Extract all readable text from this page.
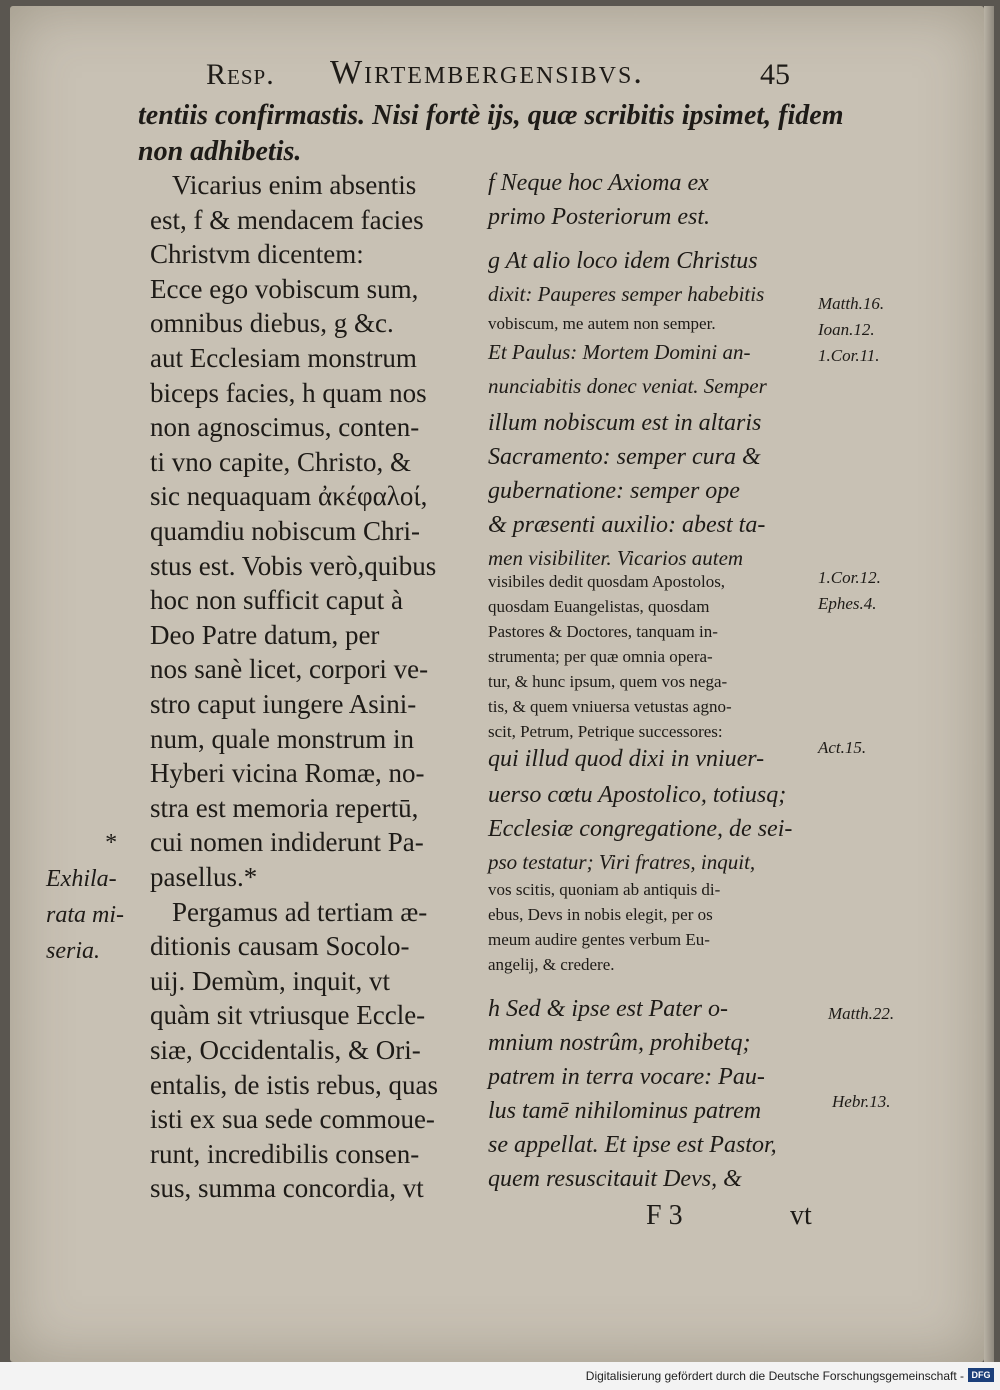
Resp. Wirtembergensibvs.	45
tentiis confirmastis. Nisi fortè ijs, quæ scribitis ipsimet, fidem
non adhibetis.
Vicarius enim absentis
est, f & mendacem facies
Christvm dicentem:
Ecce ego vobiscum sum,
omnibus diebus, g &c.
aut Ecclesiam monstrum
biceps facies, h quam nos
non agnoscimus, conten-
ti vno capite, Christo, &
sic nequaquam ἀκέφαλοί,
quamdiu nobiscum Chri-
stus est. Vobis verò,quibus
hoc non sufficit caput à
Deo Patre datum, per
nos sanè licet, corpori ve-
stro caput iungere Asini-
num, quale monstrum in
Hyberi vicina Romæ, no-
stra est memoria repertū,
cui nomen indiderunt Pa-
pasellus.*
Pergamus ad tertiam æ-
ditionis causam Socolo-
uij. Demùm, inquit, vt
quàm sit vtriusque Eccle-
siæ, Occidentalis, & Ori-
entalis, de istis rebus, quas
isti ex sua sede commoue-
runt, incredibilis consen-
sus, summa concordia, vt
*
Exhila-
rata mi-
seria.
f Neque hoc Axioma ex
primo Posteriorum est.
g At alio loco idem Christus
dixit: Pauperes semper habebitis
vobiscum, me autem non semper.
Et Paulus: Mortem Domini an-
nunciabitis donec veniat. Semper
illum nobiscum est in altaris
Sacramento: semper cura &
gubernatione: semper ope
& præsenti auxilio: abest ta-
men visibiliter. Vicarios autem
visibiles dedit quosdam Apostolos,
quosdam Euangelistas, quosdam
Pastores & Doctores, tanquam in-
strumenta; per quæ omnia opera-
tur, & hunc ipsum, quem vos nega-
tis, & quem vniuersa vetustas agno-
scit, Petrum, Petrique successores:
qui illud quod dixi in vniuer-
uerso cœtu Apostolico, totiusq;
Ecclesiæ congregatione, de sei-
pso testatur; Viri fratres, inquit,
vos scitis, quoniam ab antiquis di-
ebus, Devs in nobis elegit, per os
meum audire gentes verbum Eu-
angelij, & credere.
h Sed & ipse est Pater o-
mnium nostrûm, prohibetq;
patrem in terra vocare: Pau-
lus tamē nihilominus patrem
se appellat. Et ipse est Pastor,
quem resuscitauit Devs, &
Matth.16.
Ioan.12.
1.Cor.11.
1.Cor.12.
Ephes.4.
Act.15.
Matth.22.
Hebr.13.
F 3	vt
Digitalisierung gefördert durch die Deutsche Forschungsgemeinschaft - DFG
